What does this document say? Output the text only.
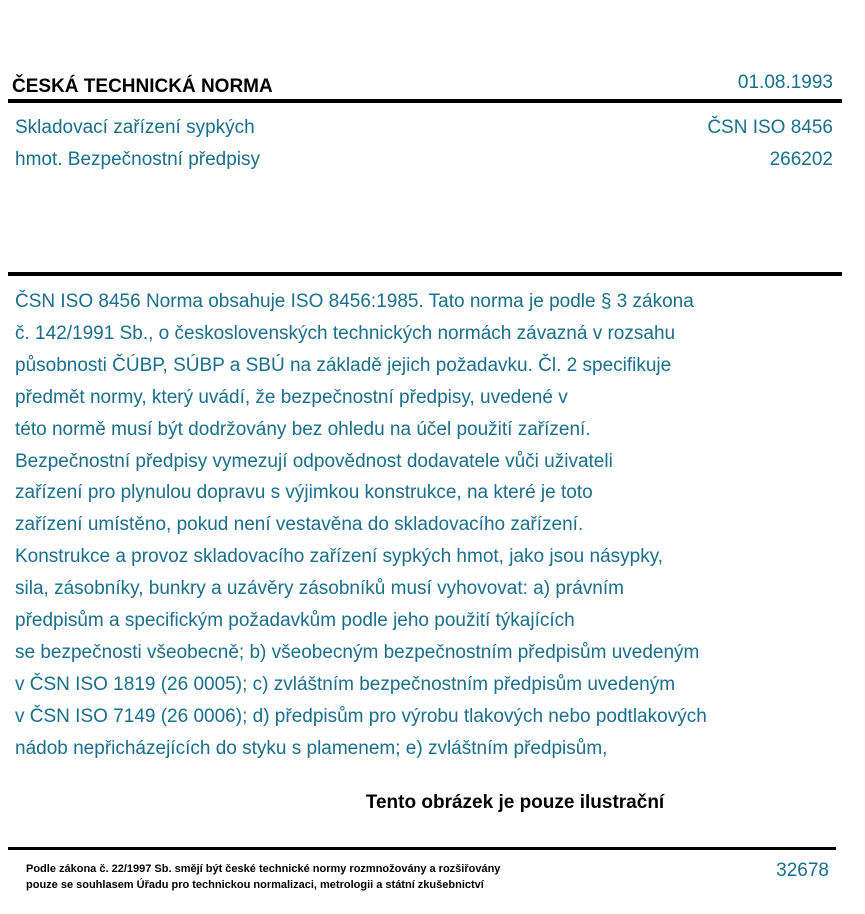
ČESKÁ TECHNICKÁ NORMA	01.08.1993
Skladovací zařízení sypkých
hmot. Bezpečnostní předpisy
ČSN ISO 8456
266202
ČSN ISO 8456 Norma obsahuje ISO 8456:1985. Tato norma je podle § 3 zákona
č. 142/1991 Sb., o československých technických normách závazná v rozsahu
působnosti ČÚBP, SÚBP a SBÚ na základě jejich požadavku. Čl. 2 specifikuje
předmět normy, který uvádí, že bezpečnostní předpisy, uvedené v
této normě musí být dodržovány bez ohledu na účel použití zařízení.
Bezpečnostní předpisy vymezují odpovědnost dodavatele vůči uživateli
zařízení pro plynulou dopravu s výjimkou konstrukce, na které je toto
zařízení umístěno, pokud není vestavěna do skladovacího zařízení.
Konstrukce a provoz skladovacího zařízení sypkých hmot, jako jsou násypky,
sila, zásobníky, bunkry a uzávěry zásobníků musí vyhovovat: a) právním
předpisům a specifickým požadavkům podle jeho použití týkajících
se bezpečnosti všeobecně; b) všeobecným bezpečnostním předpisům uvedeným
v ČSN ISO 1819 (26 0005); c) zvláštním bezpečnostním předpisům uvedeným
v ČSN ISO 7149 (26 0006); d) předpisům pro výrobu tlakových nebo podtlakových
nádob nepřicházejících do styku s plamenem; e) zvláštním předpisům,
Tento obrázek je pouze ilustrační
Podle zákona č. 22/1997 Sb. smějí být české technické normy rozmnožovány a rozšiřovány
pouze se souhlasem Úřadu pro technickou normalizaci, metrologii a státní zkušebnictví
32678
